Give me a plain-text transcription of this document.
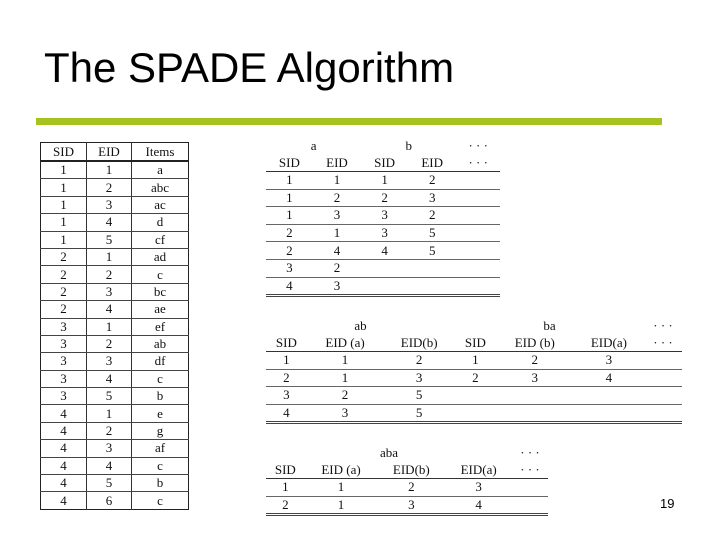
The SPADE Algorithm
SID	EID	Items
1	1	a
1	2	abc
1	3	ac
1	4	d
1	5	cf
2	1	ad
2	2	c
2	3	bc
2	4	ae
3	1	ef
3	2	ab
3	3	df
3	4	c
3	5	b
4	1	e
4	2	g
4	3	af
4	4	c
4	5	b
4	6	c
a		b		· · ·
SID	EID	SID	EID	· · ·
1	1	1	2	
1	2	2	3	
1	3	3	2	
2	1	3	5	
2	4	4	5	
3	2			
4	3			
ab			ba			· · ·
SID	EID (a)	EID(b)	SID	EID (b)	EID(a)	· · ·
1	1	2	1	2	3	
2	1	3	2	3	4	
3	2	5				
4	3	5				
aba				· · ·
SID	EID (a)	EID(b)	EID(a)	· · ·
1	1	2	3	
2	1	3	4		19
